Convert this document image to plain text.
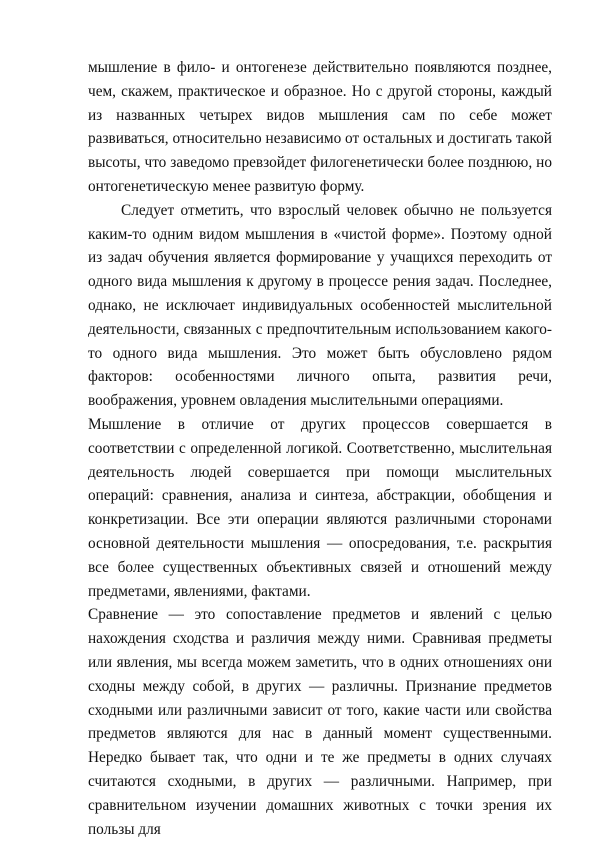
мышление в фило- и онтогенезе действительно появляются позднее, чем, скажем, практическое и образное. Но с другой стороны, каждый из названных четырех видов мышления сам по себе может развиваться, относительно независимо от остальных и достигать такой высоты, что заведомо превзойдет филогенетически более позднюю, но онтогенетическую менее развитую форму.

Следует отметить, что взрослый человек обычно не пользуется каким-то одним видом мышления в «чистой форме». Поэтому одной из задач обучения является формирование у учащихся переходить от одного вида мышления к другому в процессе рения задач. Последнее, однако, не исключает индивидуальных особенностей мыслительной деятельности, связанных с предпочтительным использованием какого-то одного вида мышления. Это может быть обусловлено рядом факторов: особенностями личного опыта, развития речи, воображения, уровнем овладения мыслительными операциями.

Мышление в отличие от других процессов совершается в соответствии с определенной логикой. Соответственно, мыслительная деятельность людей совершается при помощи мыслительных операций: сравнения, анализа и синтеза, абстракции, обобщения и конкретизации. Все эти операции являются различными сторонами основной деятельности мышления — опосредования, т.е. раскрытия все более существенных объективных связей и отношений между предметами, явлениями, фактами.

Сравнение — это сопоставление предметов и явлений с целью нахождения сходства и различия между ними. Сравнивая предметы или явления, мы всегда можем заметить, что в одних отношениях они сходны между собой, в других — различны. Признание предметов сходными или различными зависит от того, какие части или свойства предметов являются для нас в данный момент существенными. Нередко бывает так, что одни и те же предметы в одних случаях считаются сходными, в других — различными. Например, при сравнительном изучении домашних животных с точки зрения их пользы для
